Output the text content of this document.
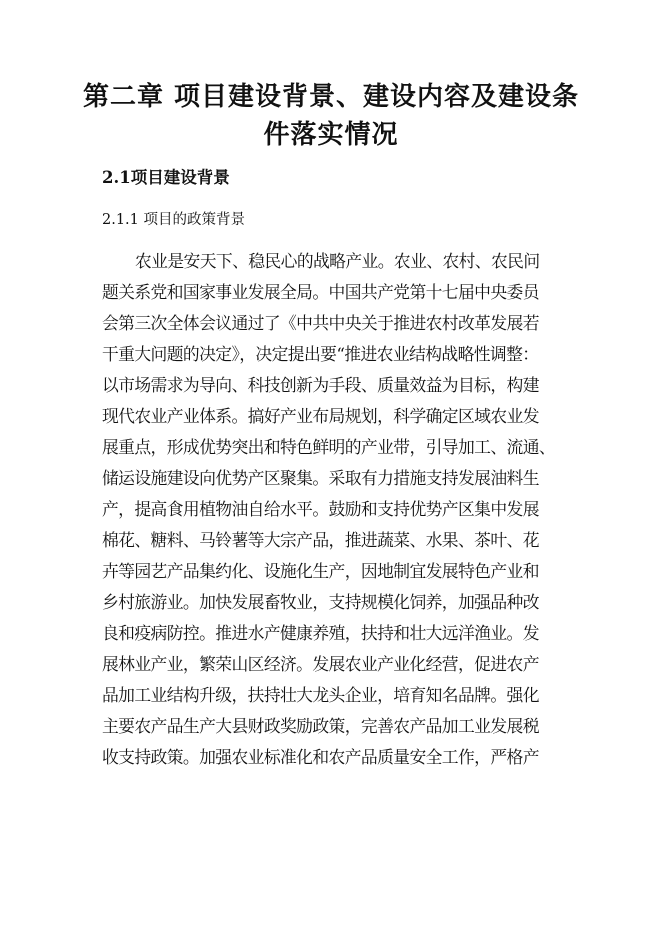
第二章 项目建设背景、建设内容及建设条
件落实情况
2.1项目建设背景
2.1.1 项目的政策背景
农业是安天下、稳民心的战略产业。农业、农村、农民问
题关系党和国家事业发展全局。中国共产党第十七届中央委员
会第三次全体会议通过了《中共中央关于推进农村改革发展若
干重大问题的决定》，决定提出要“推进农业结构战略性调整：
以市场需求为导向、科技创新为手段、质量效益为目标，构建
现代农业产业体系。搞好产业布局规划，科学确定区域农业发
展重点，形成优势突出和特色鲜明的产业带，引导加工、流通、
储运设施建设向优势产区聚集。采取有力措施支持发展油料生
产，提高食用植物油自给水平。鼓励和支持优势产区集中发展
棉花、糖料、马铃薯等大宗产品，推进蔬菜、水果、茶叶、花
卉等园艺产品集约化、设施化生产，因地制宜发展特色产业和
乡村旅游业。加快发展畜牧业，支持规模化饲养，加强品种改
良和疫病防控。推进水产健康养殖，扶持和壮大远洋渔业。发
展林业产业，繁荣山区经济。发展农业产业化经营，促进农产
品加工业结构升级，扶持壮大龙头企业，培育知名品牌。强化
主要农产品生产大县财政奖励政策，完善农产品加工业发展税
收支持政策。加强农业标准化和农产品质量安全工作，严格产
